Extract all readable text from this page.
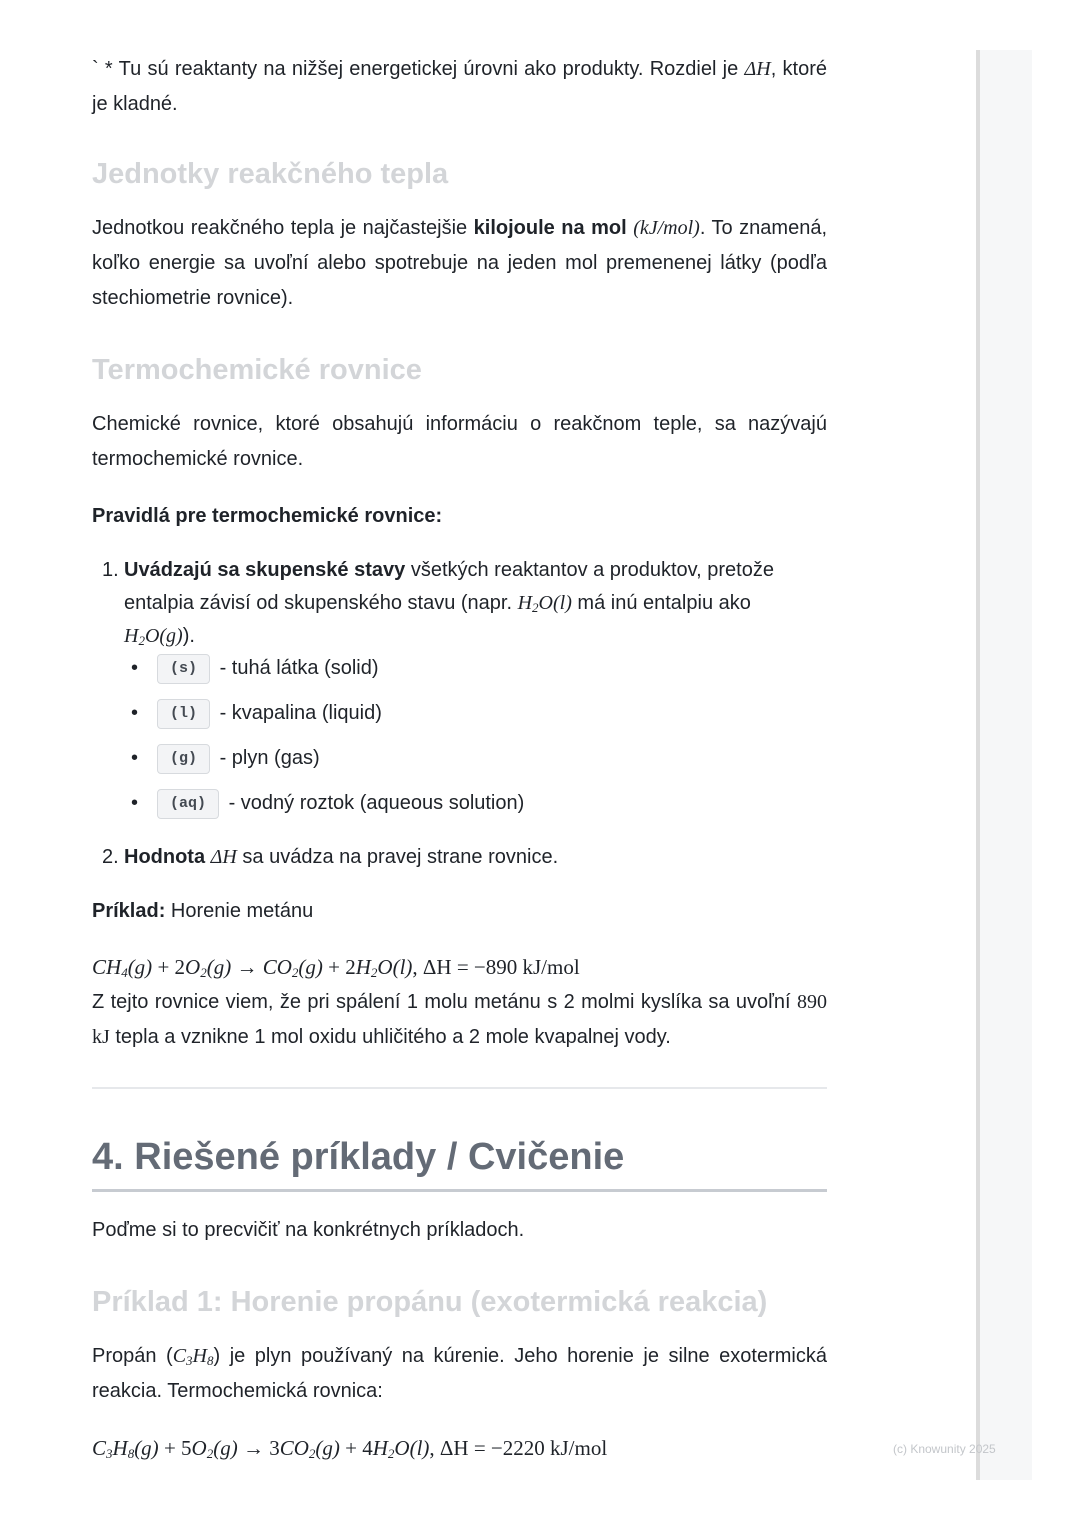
(c) Knowunity 2025

` * Tu sú reaktanty na nižšej energetickej úrovni ako produkty. Rozdiel je ΔH, ktoré je kladné.

Jednotky reakčného tepla

Jednotkou reakčného tepla je najčastejšie kilojoule na mol (kJ/mol). To znamená, koľko energie sa uvoľní alebo spotrebuje na jeden mol premenenej látky (podľa stechiometrie rovnice).

Termochemické rovnice

Chemické rovnice, ktoré obsahujú informáciu o reakčnom teple, sa nazývajú termochemické rovnice.

Pravidlá pre termochemické rovnice:

1. Uvádzajú sa skupenské stavy všetkých reaktantov a produktov, pretože entalpia závisí od skupenského stavu (napr. $H_2O(l)$ má inú entalpiu ako $H_2O(g)$).
• (s) - tuhá látka (solid)
• (l) - kvapalina (liquid)
• (g) - plyn (gas)
• (aq) - vodný roztok (aqueous solution)
2. Hodnota ΔH sa uvádza na pravej strane rovnice.

Príklad: Horenie metánu

$CH_4(g) + 2O_2(g) \to CO_2(g) + 2H_2O(l)$, ΔH = −890 kJ/mol

Z tejto rovnice viem, že pri spálení 1 molu metánu s 2 molmi kyslíka sa uvoľní 890 kJ tepla a vznikne 1 mol oxidu uhličitého a 2 mole kvapalnej vody.

4. Riešené príklady / Cvičenie

Poďme si to precvičiť na konkrétnych príkladoch.

Príklad 1: Horenie propánu (exotermická reakcia)

Propán $(C_3H_8)$ je plyn používaný na kúrenie. Jeho horenie je silne exotermická reakcia. Termochemická rovnica:

$C_3H_8(g) + 5O_2(g) \to 3CO_2(g) + 4H_2O(l)$, ΔH = −2220 kJ/mol
